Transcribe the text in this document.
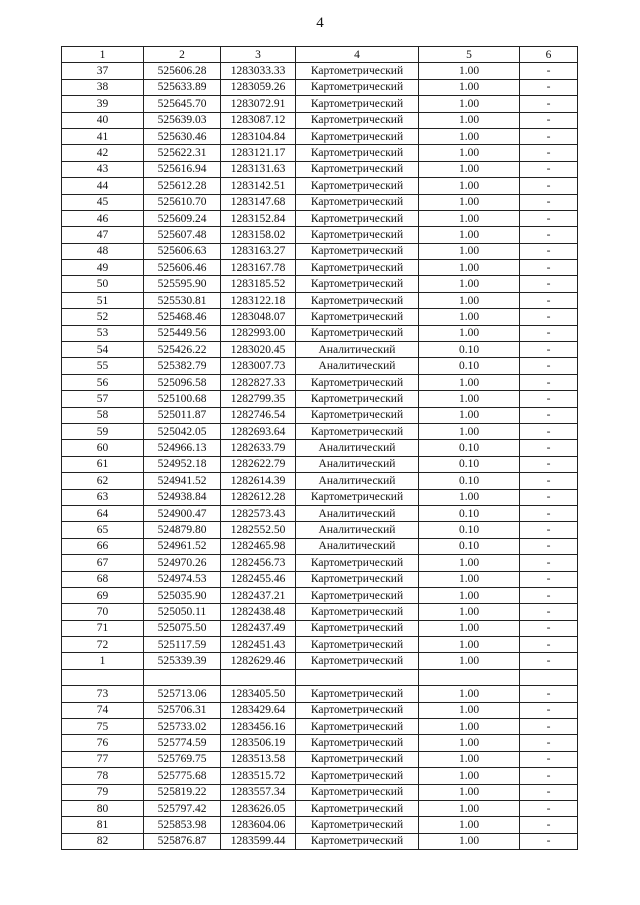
4
1	2	3	4	5	6
37	525606.28	1283033.33	Картометрический	1.00	-
38	525633.89	1283059.26	Картометрический	1.00	-
39	525645.70	1283072.91	Картометрический	1.00	-
40	525639.03	1283087.12	Картометрический	1.00	-
41	525630.46	1283104.84	Картометрический	1.00	-
42	525622.31	1283121.17	Картометрический	1.00	-
43	525616.94	1283131.63	Картометрический	1.00	-
44	525612.28	1283142.51	Картометрический	1.00	-
45	525610.70	1283147.68	Картометрический	1.00	-
46	525609.24	1283152.84	Картометрический	1.00	-
47	525607.48	1283158.02	Картометрический	1.00	-
48	525606.63	1283163.27	Картометрический	1.00	-
49	525606.46	1283167.78	Картометрический	1.00	-
50	525595.90	1283185.52	Картометрический	1.00	-
51	525530.81	1283122.18	Картометрический	1.00	-
52	525468.46	1283048.07	Картометрический	1.00	-
53	525449.56	1282993.00	Картометрический	1.00	-
54	525426.22	1283020.45	Аналитический	0.10	-
55	525382.79	1283007.73	Аналитический	0.10	-
56	525096.58	1282827.33	Картометрический	1.00	-
57	525100.68	1282799.35	Картометрический	1.00	-
58	525011.87	1282746.54	Картометрический	1.00	-
59	525042.05	1282693.64	Картометрический	1.00	-
60	524966.13	1282633.79	Аналитический	0.10	-
61	524952.18	1282622.79	Аналитический	0.10	-
62	524941.52	1282614.39	Аналитический	0.10	-
63	524938.84	1282612.28	Картометрический	1.00	-
64	524900.47	1282573.43	Аналитический	0.10	-
65	524879.80	1282552.50	Аналитический	0.10	-
66	524961.52	1282465.98	Аналитический	0.10	-
67	524970.26	1282456.73	Картометрический	1.00	-
68	524974.53	1282455.46	Картометрический	1.00	-
69	525035.90	1282437.21	Картометрический	1.00	-
70	525050.11	1282438.48	Картометрический	1.00	-
71	525075.50	1282437.49	Картометрический	1.00	-
72	525117.59	1282451.43	Картометрический	1.00	-
1	525339.39	1282629.46	Картометрический	1.00	-

73	525713.06	1283405.50	Картометрический	1.00	-
74	525706.31	1283429.64	Картометрический	1.00	-
75	525733.02	1283456.16	Картометрический	1.00	-
76	525774.59	1283506.19	Картометрический	1.00	-
77	525769.75	1283513.58	Картометрический	1.00	-
78	525775.68	1283515.72	Картометрический	1.00	-
79	525819.22	1283557.34	Картометрический	1.00	-
80	525797.42	1283626.05	Картометрический	1.00	-
81	525853.98	1283604.06	Картометрический	1.00	-
82	525876.87	1283599.44	Картометрический	1.00	-
